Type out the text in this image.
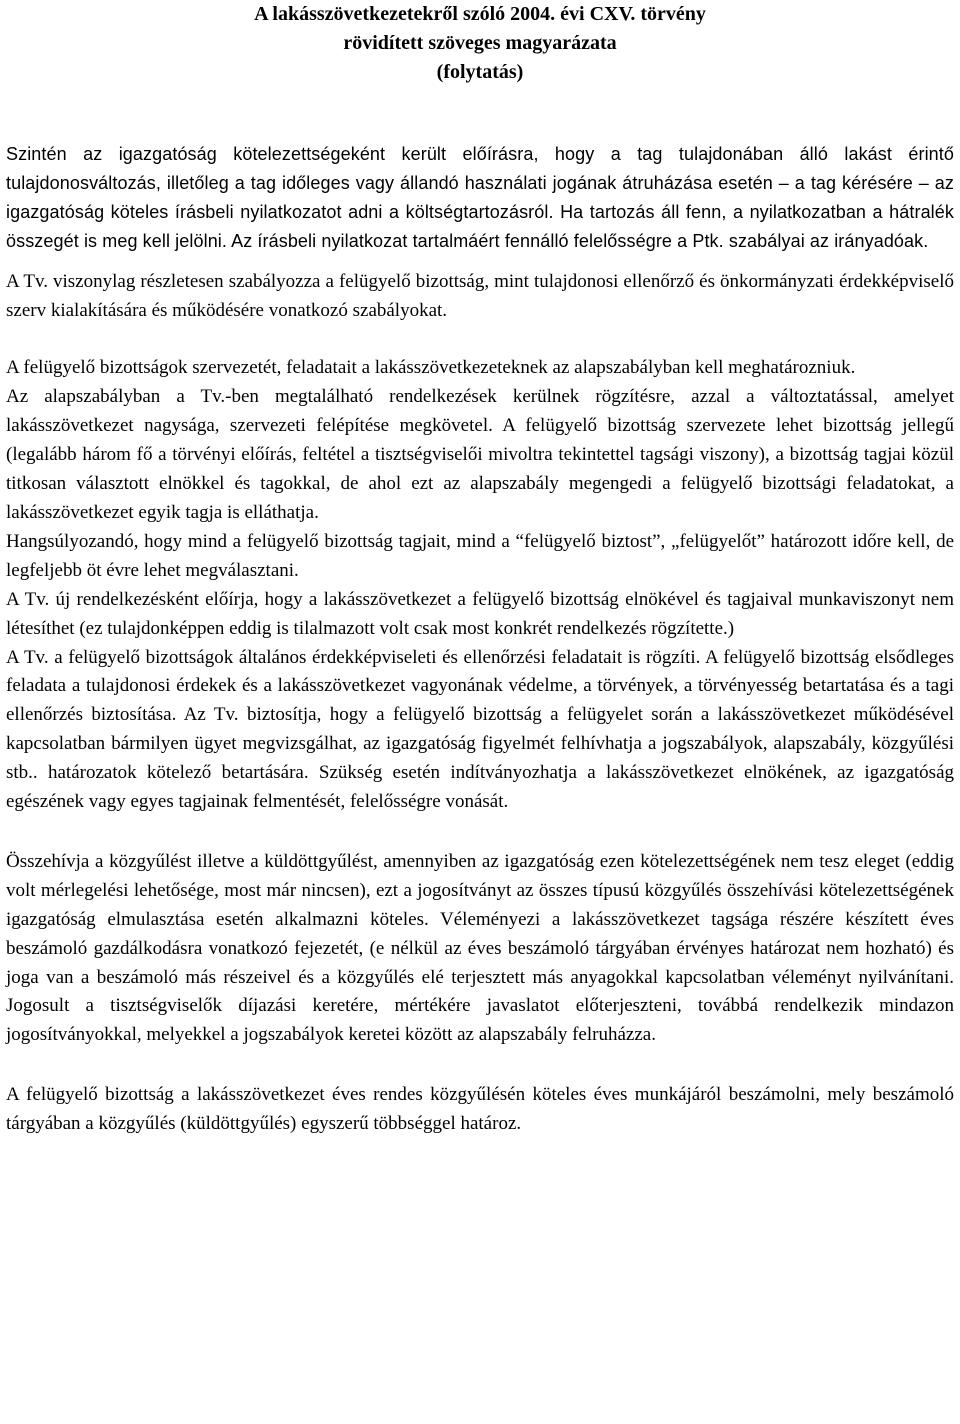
A lakásszövetkezetekről szóló 2004. évi CXV. törvény
rövidített szöveges magyarázata
(folytatás)

Szintén az igazgatóság kötelezettségeként került előírásra, hogy a tag tulajdonában álló lakást érintő tulajdonosváltozás, illetőleg a tag időleges vagy állandó használati jogának átruházása esetén – a tag kérésére – az igazgatóság köteles írásbeli nyilatkozatot adni a költségtartozásról. Ha tartozás áll fenn, a nyilatkozatban a hátralék összegét is meg kell jelölni. Az írásbeli nyilatkozat tartalmáért fennálló felelősségre a Ptk. szabályai az irányadóak.

A Tv. viszonylag részletesen szabályozza a felügyelő bizottság, mint tulajdonosi ellenőrző és önkormányzati érdekképviselő szerv kialakítására és működésére vonatkozó szabályokat.

A felügyelő bizottságok szervezetét, feladatait a lakásszövetkezeteknek az alapszabályban kell meghatározniuk.

Az alapszabályban a Tv.-ben megtalálható rendelkezések kerülnek rögzítésre, azzal a változtatással, amelyet lakásszövetkezet nagysága, szervezeti felépítése megkövetel. A felügyelő bizottság szervezete lehet bizottság jellegű (legalább három fő a törvényi előírás, feltétel a tisztségviselői mivoltra tekintettel tagsági viszony), a bizottság tagjai közül titkosan választott elnökkel és tagokkal, de ahol ezt az alapszabály megengedi a felügyelő bizottsági feladatokat, a lakásszövetkezet egyik tagja is elláthatja.

Hangsúlyozandó, hogy mind a felügyelő bizottság tagjait, mind a “felügyelő biztost”, „felügyelőt” határozott időre kell, de legfeljebb öt évre lehet megválasztani.

A Tv. új rendelkezésként előírja, hogy a lakásszövetkezet a felügyelő bizottság elnökével és tagjaival munkaviszonyt nem létesíthet (ez tulajdonképpen eddig is tilalmazott volt csak most konkrét rendelkezés rögzítette.)

A Tv. a felügyelő bizottságok általános érdekképviseleti és ellenőrzési feladatait is rögzíti. A felügyelő bizottság elsődleges feladata a tulajdonosi érdekek és a lakásszövetkezet vagyonának védelme, a törvények, a törvényesség betartatása és a tagi ellenőrzés biztosítása. Az Tv. biztosítja, hogy a felügyelő bizottság a felügyelet során a lakásszövetkezet működésével kapcsolatban bármilyen ügyet megvizsgálhat, az igazgatóság figyelmét felhívhatja a jogszabályok, alapszabály, közgyűlési stb.. határozatok kötelező betartására. Szükség esetén indítványozhatja a lakásszövetkezet elnökének, az igazgatóság egészének vagy egyes tagjainak felmentését, felelősségre vonását.

Összehívja a közgyűlést illetve a küldöttgyűlést, amennyiben az igazgatóság ezen kötelezettségének nem tesz eleget (eddig volt mérlegelési lehetősége, most már nincsen), ezt a jogosítványt az összes típusú közgyűlés összehívási kötelezettségének igazgatóság elmulasztása esetén alkalmazni köteles. Véleményezi a lakásszövetkezet tagsága részére készített éves beszámoló gazdálkodásra vonatkozó fejezetét, (e nélkül az éves beszámoló tárgyában érvényes határozat nem hozható) és joga van a beszámoló más részeivel és a közgyűlés elé terjesztett más anyagokkal kapcsolatban véleményt nyilvánítani. Jogosult a tisztségviselők díjazási keretére, mértékére javaslatot előterjeszteni, továbbá rendelkezik mindazon jogosítványokkal, melyekkel a jogszabályok keretei között az alapszabály felruházza.

A felügyelő bizottság a lakásszövetkezet éves rendes közgyűlésén köteles éves munkájáról beszámolni, mely beszámoló tárgyában a közgyűlés (küldöttgyűlés) egyszerű többséggel határoz.
